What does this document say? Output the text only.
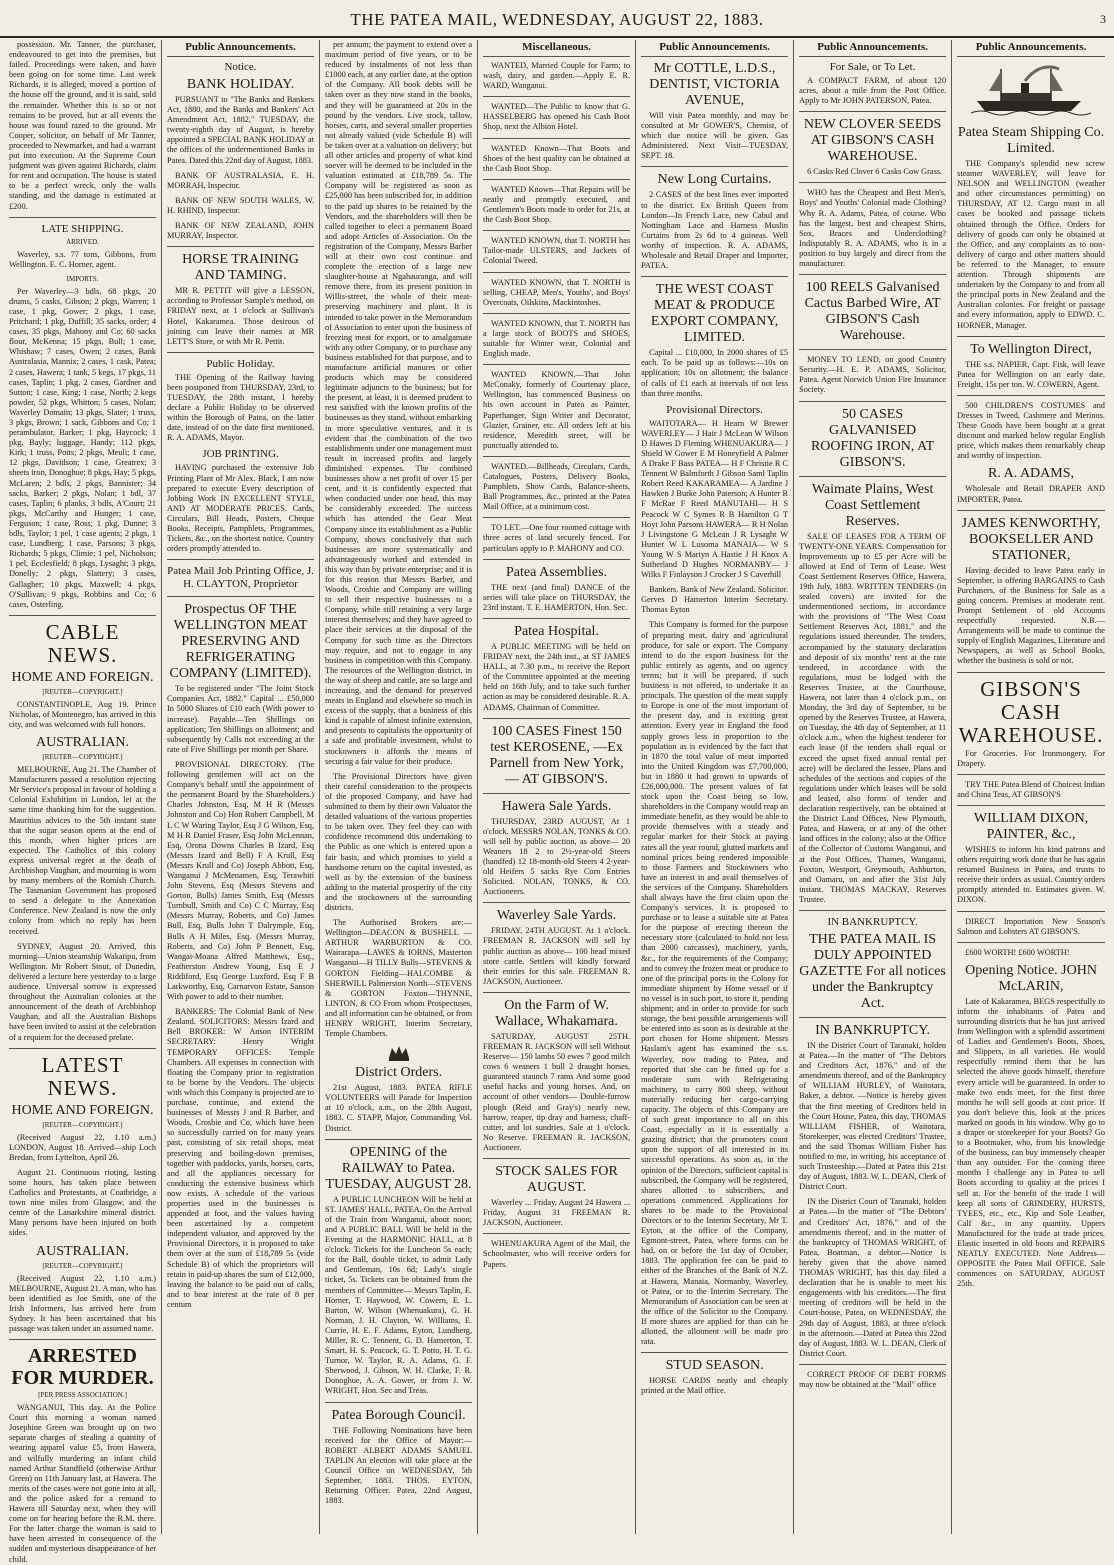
THE PATEA MAIL, WEDNESDAY, AUGUST 22, 1883.	3
possession. Mr. Tanner, the purchaser, endeavoured to get into the premises, but failed. Proceedings were taken, and have been going on for some time. Last week Richards, it is alleged, moved a portion of the house off the ground, and it is said, sold the remainder. Whether this is so or not remains to be proved, but at all events the house was found razed to the ground. Mr Cooper, solicitor, on behalf of Mr Tanner, proceeded to Newmarket, and had a warrant put into execution. At the Supreme Court judgment was given against Richards, claim for rent and occupation. The house is stated to be a perfect wreck, only the walls standing, and the damage is estimated at £200.
LATE SHIPPING.
ARRIVED.
Waverley, s.s. 77 tons, Gibbons, from Wellington. E. C. Horner, agent.
IMPORTS.
Per Waverley—3 bdls, 68 pkgs, 20 drums, 5 casks, Gibson; 2 pkgs, Warren; 1 case, 1 pkg, Gower; 2 pkgs, 1 case, Pritchard; 1 pkg, Duffill; 35 sacks, order; 4 cases, 35 pkgs, Mahony and Co; 60 sacks flour, McKenna; 15 pkgs, Bull; 1 case, Whishaw; 7 cases, Owen; 2 cases, Bank Australasia, Mannix; 2 cases, 1 cask, Patea; 2 cases, Hawera; 1 tank, 5 kegs, 17 pkgs, 11 cases, Taplin; 1 pkg, 2 cases, Gardner and Sutton; 1 case, King; 1 case, North; 2 kegs powder, 52 pkgs, Whitton; 5 cases, Nolan; Waverley Domain; 13 pkgs, Slater; 1 truss, 3 pkgs, Brown; 1 sack, Gibbons and Co; 1 perambulator, Barker; 1 pkg, Haycock; 1 pkg, Bayly; luggage, Handy; 112 pkgs, Kirk; 1 truss, Potts; 2 pkgs, Meuli; 1 case, 12 pkgs, Davidson; 1 case, Greatrex; 3 sheets iron, Donoghue; 8 pkgs, Hay; 5 pkgs, McLaren; 2 bdls, 2 pkgs, Bannister; 34 sacks, Barker; 2 pkgs, Nolan; 1 bdl, 37 cases, Taplin; 6 planks, 3 bdls, A'Court; 21 pkgs, McCarthy and Hunger; 1 case, Ferguson; 1 case, Ross; 1 pkg, Dunne; 3 bdls, Taylor; 1 pel, 1 case agents; 2 pkgs, 1 case, Lundberg; 1 case, Parsons; 3 pkgs, Richards; 5 pkgs, Climie; 1 pel, Nicholson; 1 pel, Ecclesfield; 8 pkgs, Lysaght; 3 pkgs, Donelly; 2 pkgs, Slattery; 3 cases, Gallagher; 10 pkgs, Maxwell; 4 pkgs, O'Sullivan; 9 pkgs, Robbins and Co; 6 cases, Osterling.
CABLE NEWS.
HOME AND FOREIGN.
[REUTER—COPYRIGHT.]
CONSTANTINOPLE, Aug 19. Prince Nicholas, of Montenegro, has arrived in this city, and was welcomed with full honors.
AUSTRALIAN.
[REUTER—COPYRIGHT.]
MELBOURNE, Aug 21. The Chamber of Manufacturers passed a resolution rejecting Mr Service's proposal in favour of holding a Colonial Exhibition in London, let at the same time thanking him for the suggestion. Mauritius advices to the 5th instant state that the sugar season opens at the end of this month, when higher prices are expected. The Catholics of this colony express universal regret at the death of Archbishop Vaughan, and mourning is worn by many members of the Romish Church. The Tasmanian Government has proposed to send a delegate to the Annexation Conference. New Zealand is now the only colony from which no reply has been received.
SYDNEY, August 20. Arrived, this morning—Union steamship Wakatipu, from Wellington. Mr Robert Stout, of Dunedin, delivered a lecture here yesterday to a large audience. Universal sorrow is expressed throughout the Australian colonies at the announcement of the death of Archbishop Vaughan, and all the Australian Bishops have been invited to assist at the celebration of a requiem for the deceased prelate.
LATEST NEWS.
HOME AND FOREIGN.
[REUTER—COPYRIGHT.]
(Received August 22, 1.10 a.m.) LONDON, August 18. Arrived—ship Loch Bredan, from Lyttelton, April 26.
August 21. Continuous rioting, lasting some hours, has taken place between Catholics and Protestants, at Coatbridge, a town nine miles from Glasgow, and the centre of the Lanarkshire mineral district. Many persons have been injured on both sides.
AUSTRALIAN.
[REUTER—COPYRIGHT.]
(Received August 22, 1.10 a.m.) MELBOURNE, August 21. A man, who has been identified as Joe Smith, one of the Irish Informers, has arrived here from Sydney. It has been ascertained that his passage was taken under an assumed name.
ARRESTED FOR MURDER.
[PER PRESS ASSOCIATION.]
WANGANUI, This day. At the Police Court this morning a woman named Josephine Green was brought up on two separate charges of stealing a quantity of wearing apparel value £5, from Hawera, and wilfully murdering an infant child named Arthur Standfield (otherwise Arthur Green) on 11th January last, at Hawera. The merits of the cases were not gone into at all, and the police asked for a remand to Hawera till Saturday next, when they will come on for hearing before the R.M. there. For the latter charge the woman is said to have been arrested in consequence of the sudden and mysterious disappearance of her child.
Public Announcements.
Notice.
BANK HOLIDAY.
PURSUANT to "The Banks and Bankers Act, 1880, and the Banks and Bankers' Act Amendment Act, 1882," TUESDAY, the twenty-eighth day of August, is hereby appointed a SPECIAL BANK HOLIDAY at the offices of the undermentioned Banks in Patea. Dated this 22nd day of August, 1883.
BANK OF AUSTRALASIA, E. H. MORRAH, Inspector.
BANK OF NEW SOUTH WALES, W. H. RHIND, Inspector.
BANK OF NEW ZEALAND, JOHN MURRAY, Inspector.
HORSE TRAINING AND TAMING.
MR R. PETTIT will give a LESSON, according to Professor Sample's method, on FRIDAY next, at 1 o'clock at Sullivan's Hotel, Kakaramea. Those desirous of joining can leave their names at MR LETT'S Store, or with Mr R. Pettit.
Public Holiday.
THE Opening of the Railway having been postponed from THURSDAY, 23rd, to TUESDAY, the 28th instant, I hereby declare a Public Holiday to be observed within the Borough of Patea, on the latter date, instead of on the date first mentioned. R. A. ADAMS, Mayor.
JOB PRINTING.
HAVING purchased the extensive Job Printing Plant of Mr Alex. Black, I am now prepared to execute Every description of Jobbing Work IN EXCELLENT STYLE, AND AT MODERATE PRICES. Cards, Circulars, Bill Heads, Posters, Cheque Books, Receipts, Pamphlets, Programmes, Tickets, &c., on the shortest notice. Country orders promptly attended to.
Patea Mail Job Printing Office, J. H. CLAYTON, Proprietor
Prospectus OF THE WELLINGTON MEAT PRESERVING AND REFRIGERATING COMPANY (LIMITED).
To be registered under "The Joint Stock Companies Act, 1882." Capital ... £50,000 In 5000 Shares of £10 each (With power to increase). Payable—Ten Shillings on application; Ten Shillings on allotment; and subsequently by Calls not exceeding at the rate of Five Shillings per month per Share.
PROVISIONAL DIRECTORY. (The following gentlemen will act on the Company's behalf until the appointment of the permanent Board by the Shareholders.) Charles Johnston, Esq, M H R (Messrs Johnston and Co) Hon Robert Campbell, M L C W Waring Taylor, Esq J G Wilson, Esq, M H R Daniel Fraser, Esq John McLennan, Esq, Orona Downs Charles B Izard, Esq (Messrs Izard and Bell) F A Krull, Esq (Messrs Krull and Co) Joseph Abbott, Esq, Wanganui J McMenamen, Esq, Terawhiti John Stevens, Esq (Messrs Stevens and Gorton, Bulls) James Smith, Esq (Messrs Turnbull, Smith and Co) C C Murray, Esq (Messrs Murray, Roberts, and Co) James Bull, Esq, Bulls John T Dalrymple, Esq, Bulls A H Miles, Esq. (Messrs Murray, Roberts, and Co) John P Bennett, Esq, Wangai-Moana Alfred Matthews, Esq., Featherston Andrew Young, Esq E J Riddiford, Esq George Luxford, Esq F B Larkworthy, Esq, Carnarvon Estate, Sanson With power to add to their number.
BANKERS: The Colonial Bank of New Zealand. SOLICITORS: Messrs Izard and Bell BROKER: W Anson INTERIM SECRETARY: Henry Wright TEMPORARY OFFICES: Temple Chambers. All expenses in connection with floating the Company prior to registration to be borne by the Vendors. The objects with which this Company is projected are to purchase, continue, and extend the businesses of Messrs J and R Barber, and Woods, Crosbie and Co, which have been so successfully carried on for many years past, consisting of six retail shops, meat preserving and boiling-down premises, together with paddocks, yards, horses, carts, and all the appliances necessary for conducting the extensive business which now exists. A schedule of the various properties used in the businesses is appended at foot, and the values having been ascertained by a competent independent valuator, and approved by the Provisional Directors, it is proposed to take them over at the sum of £18,789 5s (vide Schedule B) of which the proprietors will retain in paid-up shares the sum of £12,000, leaving the balance to be paid out of calls, and to bear interest at the rate of 8 per centum
per annum; the payment to extend over a maximum period of five years, or to be reduced by instalments of not less than £1000 each, at any earlier date, at the option of the Company. All book debts will be taken over as they now stand in the books, and they will be guaranteed at 20s in the pound by the vendors. Live stock, tallow, horses, carts, and several smaller properties not already valued (vide Schedule B) will be taken over at a valuation on delivery; but all other articles and property of what kind soever will be deemed to be included in the valuation estimated at £18,789 5s. The Company will be registered as soon as £25,000 has been subscribed for, in addition to the paid up shares to be retained by the Vendors, and the shareholders will then be called together to elect a permanent Board and adopt Articles of Association. On the registration of the Company, Messrs Barber will at their own cost continue and complete the erection of a large new slaughter-house at Ngahauranga, and will remove there, from its present position in Willis-street, the whole of their meat-preserving machinery and plant. It is intended to take power in the Memorandum of Association to enter upon the business of freezing meat for export, or to amalgamate with any other Company, or to purchase any business established for that purpose, and to manufacture artificial manures or other products which may be considered legitimate adjuncts to the business; but for the present, at least, it is deemed prudent to rest satisfied with the known profits of the businesses as they stand, without embarking in more speculative ventures, and it is evident that the combination of the two establishments under one management must result in increased profits and largely diminished expenses. The combined businesses show a net profit of over 15 per cent, and it is confidently expected that when conducted under one head, this may be considerably exceeded. The success which has attended the Gear Meat Company since its establishment as a Public Company, shows conclusively that such businesses are more systematically and advantageously worked and extended in this way than by private enterprise; and it is for this reason that Messrs Barber, and Woods, Crosbie and Company are willing to sell their respective businesses to a Company, while still retaining a very large interest themselves; and they have agreed to place their services at the disposal of the Company for such time as the Directors may require, and not to engage in any business in competition with this Company. The resources of the Wellington district, in the way of sheep and cattle, are so large and increasing, and the demand for preserved meats in England and elsewhere so much in excess of the supply, that a business of this kind is capable of almost infinite extension, and presents to capitalists the opportunity of a safe and profitable investment, whilst to stockowners it affords the means of securing a fair value for their produce.
The Provisional Directors have given their careful consideration to the prospects of the proposed Company, and have had submitted to them by their own Valuator the detailed valuations of the various properties to be taken over. They feel they can with confidence recommend this undertaking to the Public as one which is entered upon a fair basis, and which promises to yield a handsome return on the capital invested, as well as by the extension of the business adding to the material prosperity of the city and the stockowners of the surrounding districts.
The Authorised Brokers are:— Wellington—DEACON & BUSHELL — ARTHUR WARBURTON & CO. Wairarapa—LAWES & IORNS, Masterton Wanganui—H TILLY Bulls—STEVENS & GORTON Fielding—HALCOMBE & SHERWILL Palmerston North—STEVENS & GORTON Foxton—THYNNE, LINTON, & CO From whom Prospectuses, and all information can be obtained, or from HENRY WRIGHT, Interim Secretary, Temple Chambers.
District Orders.
21st August, 1883. PATEA RIFLE VOLUNTEERS will Parade for Inspection at 10 o'clock, a.m., on the 28th August, 1883. C. STAPP, Major, Commanding Vol. District.
OPENING of the RAILWAY to Patea. TUESDAY, AUGUST 28.
A PUBLIC LUNCHEON Will be held at ST. JAMES' HALL, PATEA, On the Arrival of the Train from Wanganui, about noon; and A PUBLIC BALL Will be held in the Evening at the HARMONIC HALL, at 8 o'clock. Tickets for the Luncheon 5s each; for the Ball, double ticket, to admit Lady and Gentleman, 10s 6d; Lady's single ticket, 5s. Tickets can be obtained from the members of Committee— Messrs Taplin, E. Horner, T. Haywood, W. Cowern, E. L. Barton, W. Wilson (Whenuakura), G. H. Norman, J. H. Clayton, W. Williams, E. Currie, H. E. F. Adams, Eyton, Lundberg, Miller, R. C. Tennent, G. D. Hamerton, T. Smart, H. S. Peacock, G. T. Potto, H. T. G. Turnor, W. Taylor, R. A. Adams, G. F. Sherwood, J. Gibson, W. H. Clarke, F. R. Donoghue, A. A. Gower, or from J. W. WRIGHT, Hon. Sec and Treas.
Patea Borough Council.
THE Following Nominations have been received for the Office of Mayor:— ROBERT ALBERT ADAMS SAMUEL TAPLIN An election will take place at the Council Office on WEDNESDAY, 5th September, 1883. THOS. EYTON, Returning Officer. Patea, 22nd August, 1883.
Miscellaneous.
WANTED, Married Couple for Farm; to wash, dairy, and garden.—Apply E. R. WARD, Wanganui.
WANTED—The Public to know that G. HASSELBERG has opened his Cash Boot Shop, next the Albion Hotel.
WANTED Known—That Boots and Shoes of the best quality can be obtained at the Cash Boot Shop.
WANTED Known—That Repairs will be neatly and promptly executed, and Gentlemen's Boots made to order for 21s, at the Cash Boot Shop.
WANTED KNOWN, that T. NORTH has Tailor-made ULSTERS, and Jackets of Colonial Tweed.
WANTED KNOWN, that T. NORTH is selling, CHEAP, Men's, Youths', and Boys' Overcoats, Oilskins, Mackintoshes.
WANTED KNOWN, that T. NORTH has a large stock of BOOTS and SHOES, suitable for Winter wear, Colonial and English made.
WANTED KNOWN.—That John McConaky, formerly of Courtenay place, Wellington, has commenced Business on his own account in Patea as Painter, Paperhanger, Sign Writer and Decorator, Glazier, Grainer, etc. All orders left at his residence, Meredith street, will be punctually attended to.
WANTED.—Billheads, Circulars, Cards, Catalogues, Posters, Delivery Books, Pamphlets, Show Cards, Balance-sheets, Ball Programmes, &c., printed at the Patea Mail Office, at a minimum cost.
TO LET.—One four roomed cottage with three acres of land securely fenced. For particulars apply to P. MAHONY and CO.
Patea Assemblies.
THE next (and final) DANCE of the series will take place on THURSDAY, the 23rd instant. T. E. HAMERTON, Hon. Sec.
Patea Hospital.
A PUBLIC MEETING will be held on FRIDAY next, the 24th inst., at ST JAMES HALL, at 7.30 p.m., to receive the Report of the Committee appointed at the meeting held on 16th July, and to take such further action as may be considered desirable. R. A. ADAMS, Chairman of Committee.
100 CASES Finest 150 test KEROSENE, —Ex Parnell from New York,— AT GIBSON'S.
Hawera Sale Yards.
THURSDAY, 23RD AUGUST, At 1 o'clock. MESSRS NOLAN, TONKS & CO. will sell by public auction, as above— 20 Weaners 18 2 to 2½-year-old Steers (handfed) 12 18-month-old Steers 4 2-year-old Heifers 5 sacks Rye Corn Entries Solicited. NOLAN, TONKS, & CO. Auctioneers.
Waverley Sale Yards.
FRIDAY, 24TH AUGUST. At 1 o'clock. FREEMAN R. JACKSON will sell by public auction as above— 100 head mixed store cattle. Settlers will kindly forward their entries for this sale. FREEMAN R. JACKSON, Auctioneer.
On the Farm of W. Wallace, Whakamara.
SATURDAY, AUGUST 25TH. FREEMAN R. JACKSON will sell Without Reserve— 150 lambs 50 ewes 7 good milch cows 6 weaners 1 bull 2 draught horses, guaranteed staunch 7 rams And some good useful hacks and young horses. And, on account of other vendors— Double-furrow plough (Reid and Gray's) nearly new, harrow, reaper, tip dray and harness, chaff-cutter, and lot sundries. Sale at 1 o'clock. No Reserve. FREEMAN R. JACKSON, Auctioneer.
STOCK SALES FOR AUGUST.
Waverley ... Friday, August 24 Hawera ... Friday, August 31 FREEMAN R. JACKSON, Auctioneer.
WHENUAKURA Agent of the Mail, the Schoolmaster, who will receive orders for Papers.
Public Announcements.
Mr COTTLE, L.D.S., DENTIST, VICTORIA AVENUE,
Will visit Patea monthly, and may be consulted at Mr GOWER'S, Chemist, of which due notice will be given. Gas Administered. Next Visit—TUESDAY, SEPT. 18.
New Long Curtains.
2 CASES of the best lines ever imported to the district. Ex British Queen from London—In French Lace, new Cabul and Nottingham Lace and Harness Muslin Curtains from 2s 6d to 4 guineas. Well worthy of inspection. R. A. ADAMS, Wholesale and Retail Draper and Importer, PATEA.
THE WEST COAST MEAT & PRODUCE EXPORT COMPANY, LIMITED.
Capital ... £10,000, In 2000 shares of £5 each. To be paid up as follows:—10s on application; 10s on allotment; the balance of calls of £1 each at intervals of not less than three months.
Provisional Directors.
WAITOTARA— H Hearn W Brewer WAVERLEY— J Hair J McLean W Wilson D Hawes D Fleming WHENUAKURA— J Shield W Gower E M Honeyfield A Palmer A Drake F Bass PATEA— H F Christie R C Tennent W Balmforth J Gibson Saml Taplin Robert Reed KAKARAMEA— A Jardine J Hawken J Burke John Paterson; A Hunter R F McRae F Reed MANUTAHI— H S Peacock W C Symes R B Hamilton G T Hoyt John Parsons HAWERA— R H Nolan J Livingstone G McLean J R Lysaght W Hunter W L Lusoma MANAIA— W S Young W S Martyn A Hastie J H Knox A Sutherland D Hughes NORMANBY— J Wilks F Finlayson J Crocker J S Caverhill
Bankers. Bank of New Zealand. Solicitor. Gerves D Hamerton Interim Secretary. Thomas Eyton
This Company is formed for the purpose of preparing meat, dairy and agricultural produce, for sale or export. The Company intend to do the export business for the public entirely as agents, and on agency terms; but it will be prepared, if such business is not offered, to undertake it as principals. The question of the meat supply to Europe is one of the most important of the present day, and is exciting great attention. Every year in England the food supply grows less in proportion to the population as is evidenced by the fact that in 1870 the total value of meat imported into the United Kingdom was £7,700,000, but in 1880 it had grown to upwards of £26,000,000. The present values of fat stock upon the Coast being so low, shareholders in the Company would reap an immediate benefit, as they would be able to provide themselves with a steady and regular market for their Stock at paying rates all the year round, glutted markets and nominal prices being rendered impossible to those Farmers and Stockowners who have an interest in and avail themselves of the services of the Company. Shareholders shall always have the first claim upon the Company's services. It is proposed to purchase or to lease a suitable site at Patea for the purpose of erecting thereon the necessary store (calculated to hold not less than 2000 carcasses), machinery, yards, &c., for the requirements of the Company; and to convey the frozen meat or produce to one of the principal ports in the Colony for immediate shipment by Home vessel or if no vessel is in such port, to store it, pending shipment; and in order to provide for such storage, the best possible arrangements will be entered into as soon as is desirable at the port chosen for Home shipment. Messrs Haslam's agent has examined the s.s. Waverley, now trading to Patea, and reported that she can be fitted up for a moderate sum with Refrigerating machinery, to carry 800 sheep, without materially reducing her cargo-carrying capacity. The objects of this Company are of such great importance to all on this Coast, especially as it is essentially a grazing district; that the promoters count upon the support of all interested in its successful operations. As soon as, in the opinion of the Directors, sufficient capital is subscribed, the Company will be registered, shares allotted to subscribers, and operations commenced. Applications for shares to be made to the Provisional Directors or to the Interim Secretary, Mr T. Eyton, at the office of the Company, Egmont-street, Patea, where forms can be had, on or before the 1st day of October, 1883. The application fee can be paid to either of the Branches of the Bank of N.Z. at Hawera, Manaia, Normanby, Waverley, or Patea, or to the Interim Secretary. The Memorandum of Association can be seen at the office of the Solicitor to the Company. If more shares are applied for than can be allotted, the allotment will be made pro rata.
STUD SEASON.
HORSE CARDS neatly and cheaply printed at the Mail office.
Public Announcements.
For Sale, or To Let.
A COMPACT FARM, of about 120 acres, about a mile from the Post Office. Apply to Mr JOHN PATERSON, Patea.
NEW CLOVER SEEDS AT GIBSON'S CASH WAREHOUSE.
6 Casks Red Clover 6 Casks Cow Grass.
WHO has the Cheapest and Best Men's, Boys' and Youths' Colonial made Clothing? Why R. A. Adams, Patea, of course. Who has the largest, best and cheapest Shirts, Sox, Braces and Underclothing? Indisputably R. A. ADAMS, who is in a position to buy largely and direct from the manufacturer.
100 REELS Galvanised Cactus Barbed Wire, AT GIBSON'S Cash Warehouse.
MONEY TO LEND, on good Country Security.—H. E. P. ADAMS, Solicitor, Patea. Agent Norwich Union Fire Insurance Society.
50 CASES GALVANISED ROOFING IRON, AT GIBSON'S.
Waimate Plains, West Coast Settlement Reserves.
SALE OF LEASES FOR A TERM OF TWENTY-ONE YEARS. Compensation for Improvements up to £5 per Acre will be allowed at End of Term of Lease. West Coast Settlement Reserves Office, Hawera, 19th July, 1883. WRITTEN TENDERS (in sealed covers) are invited for the undermentioned sections, in accordance with the provisions of "The West Coast Settlement Reserves Act, 1881," and the regulations issued thereunder. The tenders, accompanied by the statutory declaration and deposit of six months' rent at the rate tendered, in accordance with the regulations, must be lodged with the Reserves Trustee, at the Courthouse, Hawera, not later than 4 o'clock p.m., on Monday, the 3rd day of September, to be opened by the Reserves Trustee, at Hawera, on Tuesday, the 4th day of September, at 11 o'clock a.m., when the highest tenderer for each lease (if the tenders shall equal or exceed the upset fixed annual rental per acre) will be declared the lessee. Plans and schedules of the sections and copies of the regulations under which leases will be sold and leased, also forms of tender and declaration respectively, can be obtained at the District Land Offices, New Plymouth, Patea, and Hawera, or at any of the other land offices in the colony; also at the Office of the Collector of Customs Wanganui, and at the Post Offices, Thames, Wanganui, Foxton, Westport, Greymouth, Ashburton, and Oamaru, on and after the 31st July instant. THOMAS MACKAY, Reserves Trustee.
IN BANKRUPTCY.
THE PATEA MAIL IS DULY APPOINTED GAZETTE For all notices under the Bankruptcy Act.
IN BANKRUPTCY.
IN the District Court of Taranaki, holden at Patea.—In the matter of "The Debtors and Creditors Act, 1876," and of the amendments thereof, and of the Bankruptcy of WILLIAM HURLEY, of Waitotara, Baker, a debtor. —Notice is hereby given that the first meeting of Creditors held in the Court House, Patea, this day, THOMAS WILLIAM FISHER, of Waitotara, Storekeeper, was elected Creditors' Trustee, and the said Thomas William Fisher has notified to me, in writing, his acceptance of such Trusteeship.—Dated at Patea this 21st day of August, 1883. W. L. DEAN, Clerk of District Court.
IN the District Court of Taranaki, holden at Patea.—In the matter of "The Debtors' and Creditors' Act, 1876," and of the amendments thereof, and in the matter of the bankruptcy of THOMAS WRIGHT, of Patea, Boatman, a debtor.—Notice is hereby given that the above named THOMAS WRIGHT, has this day filed a declaration that he is unable to meet his engagements with his creditors.—The first meeting of creditors will be held in the Court-house, Patea, on WEDNESDAY, the 29th day of August, 1883, at three o'clock in the afternoon.—Dated at Patea this 22nd day of August, 1883. W. L. DEAN, Clerk of District Court.
CORRECT PROOF OF DEBT FORMS may now be obtained at the "Mail" office
Public Announcements.
Patea Steam Shipping Co. Limited.
THE Company's splendid new screw steamer WAVERLEY, will leave for NELSON and WELLINGTON (weather and other circumstances permitting) on THURSDAY, AT 12. Cargo must in all cases be booked and passage tickets obtained through the Office. Orders for delivery of goods can only be obtained at the Office, and any complaints as to non-delivery of cargo and other matters should be referred to the Manager, to ensure attention. Through shipments are undertaken by the Company to and from all the principal ports in New Zealand and the Australian colonies. For freight or passage and every information, apply to EDWD. C. HORNER, Manager.
To Wellington Direct,
THE s.s. NAPIER, Capt. Fisk, will leave Patea for Wellington on an early date. Freight, 15s per ton. W. COWERN, Agent.
500 CHILDREN'S COSTUMES and Dresses in Tweed, Cashmere and Merinos. These Goods have been bought at a great discount and marked below regular English price, which makes them remarkably cheap and worthy of inspection.
R. A. ADAMS,
Wholesale and Retail DRAPER AND IMPORTER, Patea.
JAMES KENWORTHY, BOOKSELLER AND STATIONER,
Having decided to leave Patea early in September, is offering BARGAINS to Cash Purchasers, of the Business for Sale as a going concern. Premises at moderate rent. Prompt Settlement of old Accounts respectfully requested. N.B.—Arrangements will be made to continue the supply of English Magazines, Literature and Newspapers, as well as School Books, whether the business is sold or not.
GIBSON'S CASH WAREHOUSE.
For Groceries. For Ironmongery. For Drapery.
TRY THE Patea Blend of Choicest Indian and China Teas, AT GIBSON'S
WILLIAM DIXON, PAINTER, &c.,
WISHES to inform his kind patrons and others requiring work done that he has again resumed Business in Patea, and trusts to receive their orders as usual. Country orders promptly attended to. Estimates given. W. DIXON.
DIRECT Importation New Season's Salmon and Lobsters AT GIBSON'S.
£600 WORTH! £600 WORTH!
Opening Notice. JOHN McLARIN,
Late of Kakaramea, BEGS respectfully to inform the inhabitants of Patea and surrounding districts that he has just arrived from Wellington with a splendid assortment of Ladies and Gentlemen's Boots, Shoes, and Slippers, in all varieties. He would respectfully remind them that he has selected the above goods himself, therefore every article will be guaranteed. In order to make two ends meet, for the first three months he will sell goods at cost price. If you don't believe this, look at the prices marked on goods in his window. Why go to a draper or storekeeper for your Boots? Go to a Bootmaker, who, from his knowledge of the business, can buy immensely cheaper than any outsider. For the coming three months I challenge any in Patea to sell Boots according to quality at the prices I sell at. For the benefit of the trade I will keep all sorts of GRINDERY, HURSTS, TYEES, etc., etc., Kip and Sole Leather, Calf &c., in any quantity. Uppers Manufactured for the trade at trade prices. Elastic inserted in old boots and REPAIRS NEATLY EXECUTED. Note Address— OPPOSITE the Patea Mail OFFICE. Sale commences on SATURDAY, AUGUST 25th.
